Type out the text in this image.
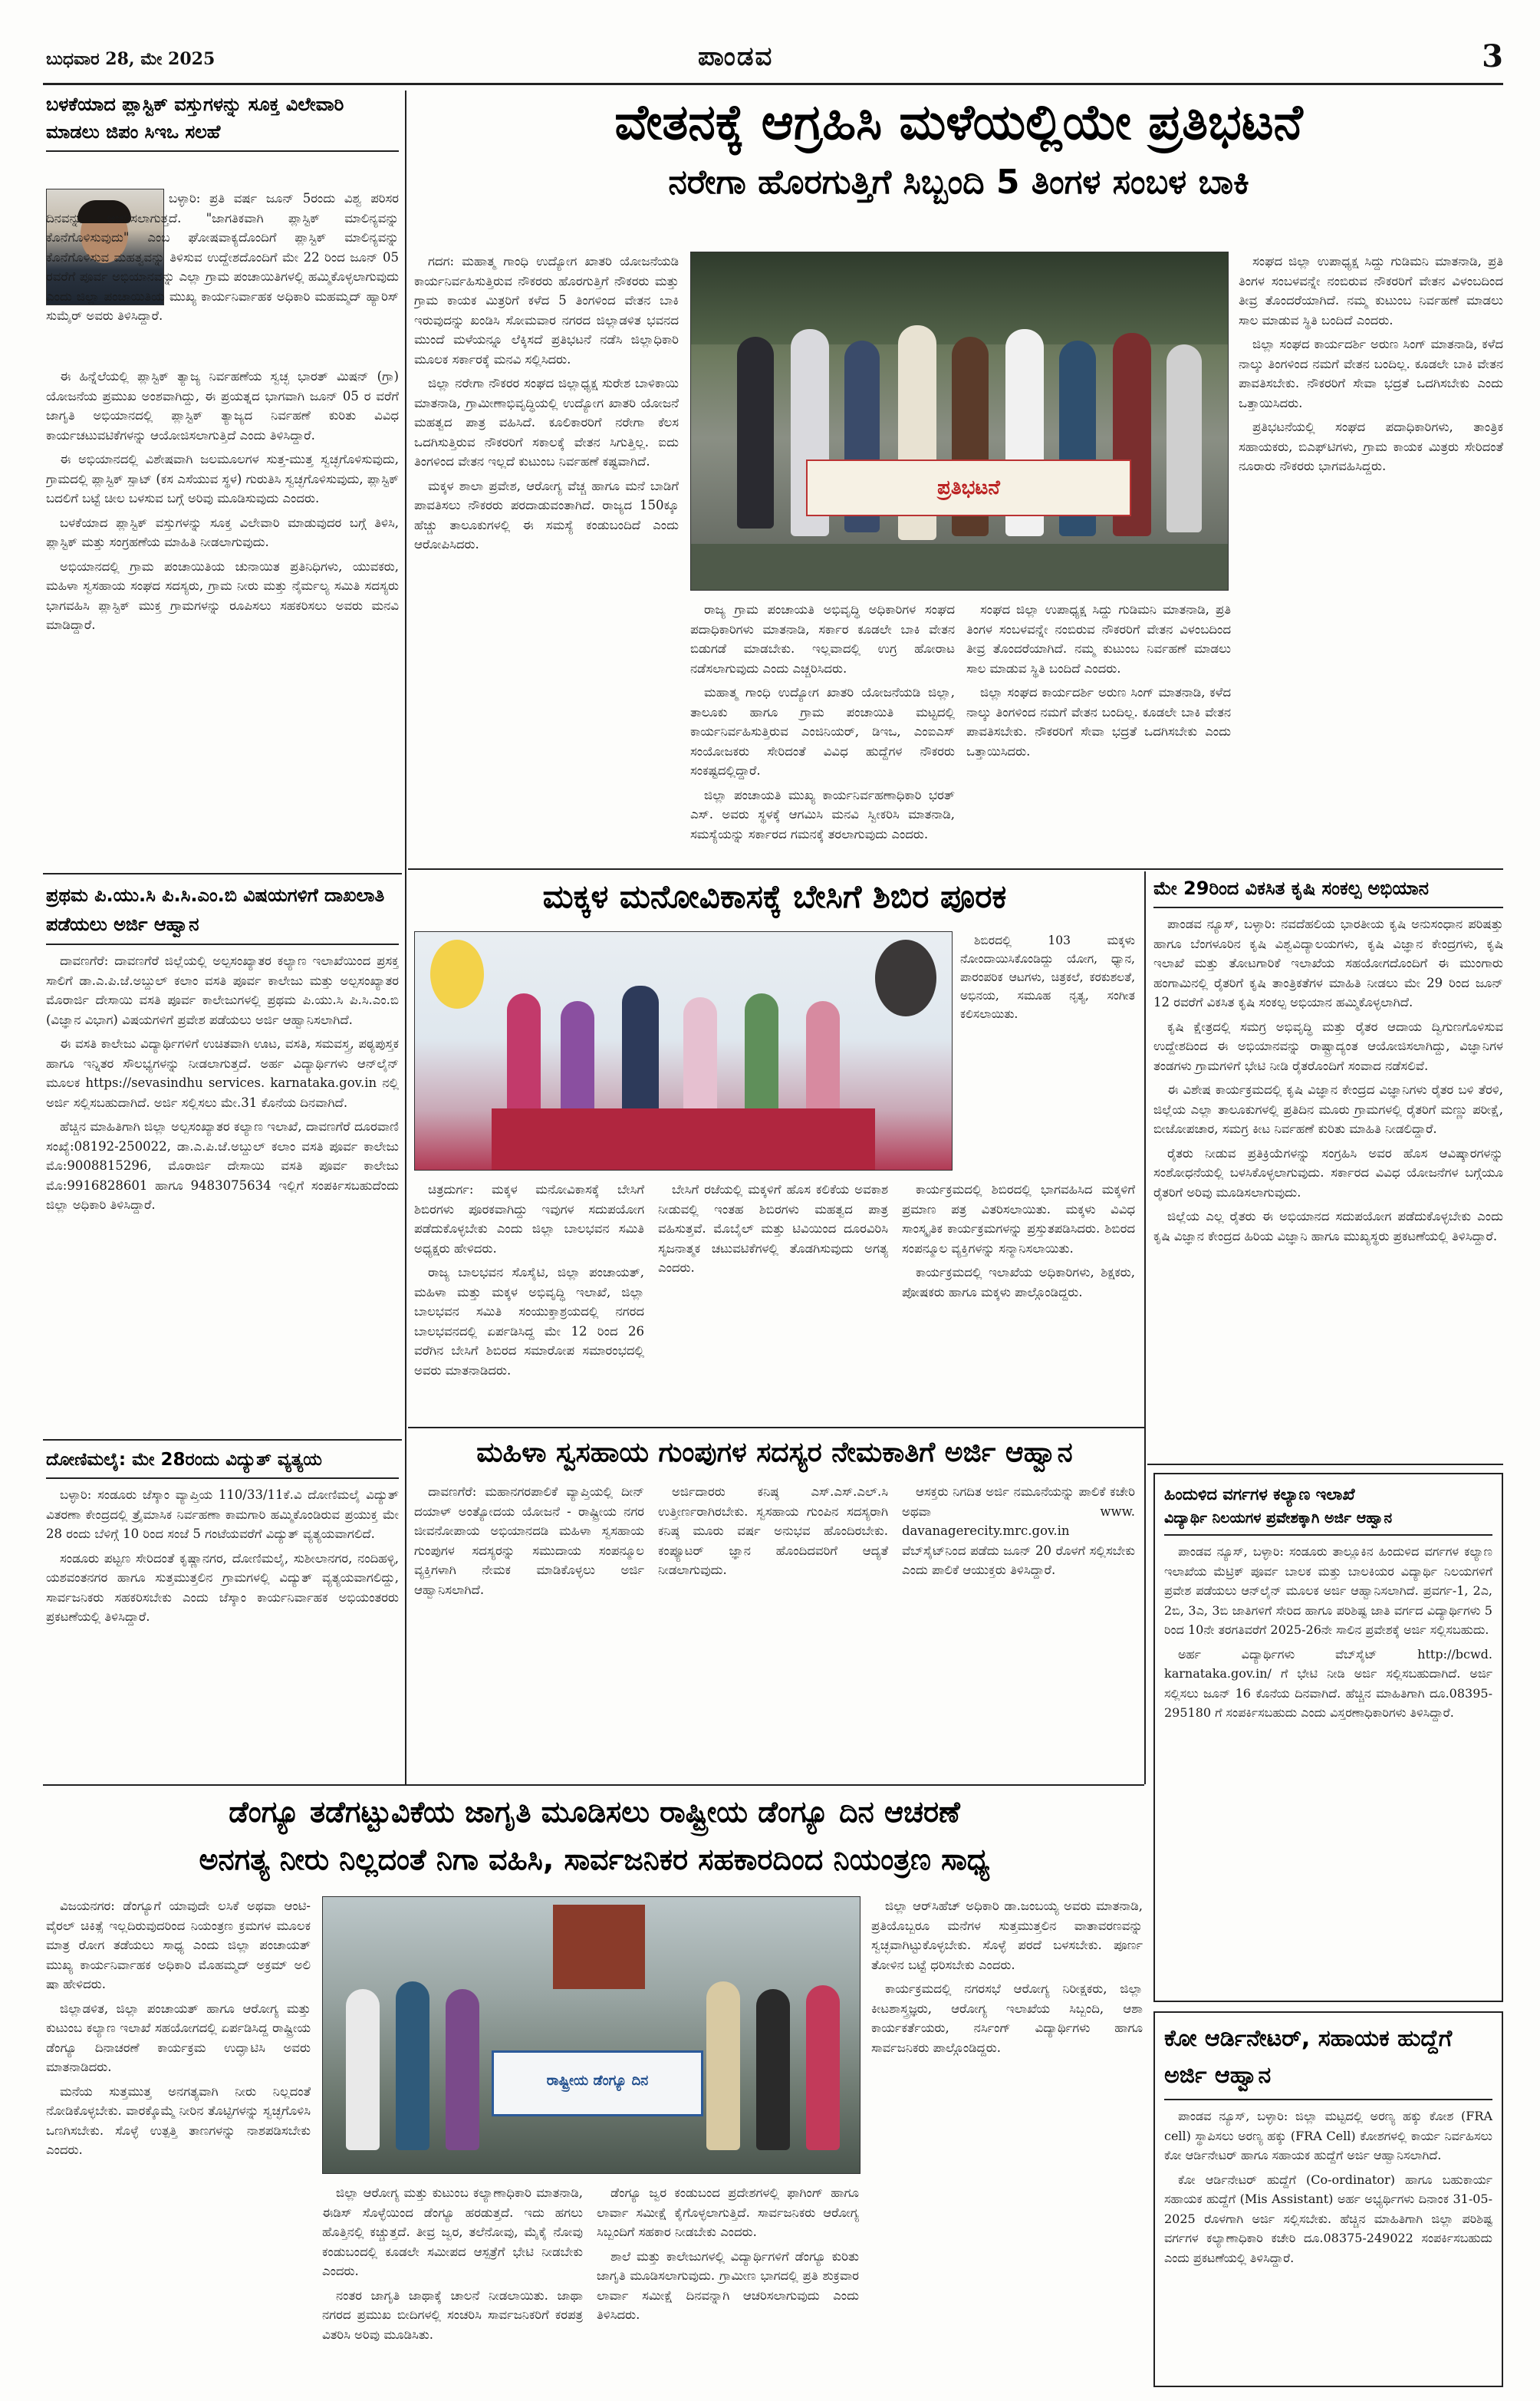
ಬುಧವಾರ 28, ಮೇ 2025	ಪಾಂಡವ	3
ಬಳಕೆಯಾದ ಪ್ಲಾಸ್ಟಿಕ್ ವಸ್ತುಗಳನ್ನು ಸೂಕ್ತ ವಿಲೇವಾರಿ ಮಾಡಲು ಜಿಪಂ ಸಿಇಒ ಸಲಹೆ
ಬಳ್ಳಾರಿ: ಪ್ರತಿ ವರ್ಷ ಜೂನ್ 5ರಂದು ವಿಶ್ವ ಪರಿಸರ ದಿನವನ್ನು ಆಚರಿಸಲಾಗುತ್ತದೆ. "ಜಾಗತಿಕವಾಗಿ ಪ್ಲಾಸ್ಟಿಕ್ ಮಾಲಿನ್ಯವನ್ನು ಕೊನೆಗೊಳಿಸುವುದು" ಎಂಬ ಘೋಷವಾಕ್ಯದೊಂದಿಗೆ ಪ್ಲಾಸ್ಟಿಕ್ ಮಾಲಿನ್ಯವನ್ನು ಕೊನೆಗೊಳಿಸುವ ಮಹತ್ವವನ್ನು ತಿಳಿಸುವ ಉದ್ದೇಶದೊಂದಿಗೆ ಮೇ 22 ರಿಂದ ಜೂನ್ 05 ರವರೆಗೆ ಪೂರ್ವ ಅಭಿಯಾನವನ್ನು ಎಲ್ಲಾ ಗ್ರಾಮ ಪಂಚಾಯಿತಿಗಳಲ್ಲಿ ಹಮ್ಮಿಕೊಳ್ಳಲಾಗುವುದು ಎಂದು ಜಿಲ್ಲಾ ಪಂಚಾಯಿತಿಯ ಮುಖ್ಯ ಕಾರ್ಯನಿರ್ವಾಹಕ ಅಧಿಕಾರಿ ಮಹಮ್ಮದ್ ಹ್ಯಾರಿಸ್ ಸುಮೈರ್ ಅವರು ತಿಳಿಸಿದ್ದಾರೆ.

ಈ ಹಿನ್ನೆಲೆಯಲ್ಲಿ ಪ್ಲಾಸ್ಟಿಕ್ ತ್ಯಾಜ್ಯ ನಿರ್ವಹಣೆಯ ಸ್ವಚ್ಛ ಭಾರತ್ ಮಿಷನ್ (ಗ್ರಾ) ಯೋಜನೆಯ ಪ್ರಮುಖ ಅಂಶವಾಗಿದ್ದು, ಈ ಪ್ರಯತ್ನದ ಭಾಗವಾಗಿ ಜೂನ್ 05 ರ ವರೆಗೆ ಜಾಗೃತಿ ಅಭಿಯಾನದಲ್ಲಿ ಪ್ಲಾಸ್ಟಿಕ್ ತ್ಯಾಜ್ಯದ ನಿರ್ವಹಣೆ ಕುರಿತು ವಿವಿಧ ಕಾರ್ಯಚಟುವಟಿಕೆಗಳನ್ನು ಆಯೋಜಿಸಲಾಗುತ್ತಿದೆ ಎಂದು ತಿಳಿಸಿದ್ದಾರೆ.

ಈ ಅಭಿಯಾನದಲ್ಲಿ ವಿಶೇಷವಾಗಿ ಜಲಮೂಲಗಳ ಸುತ್ತ-ಮುತ್ತ ಸ್ವಚ್ಛಗೊಳಿಸುವುದು, ಗ್ರಾಮದಲ್ಲಿ ಪ್ಲಾಸ್ಟಿಕ್ ಸ್ಪಾಟ್ (ಕಸ ಎಸೆಯುವ ಸ್ಥಳ) ಗುರುತಿಸಿ ಸ್ವಚ್ಛಗೊಳಿಸುವುದು, ಪ್ಲಾಸ್ಟಿಕ್ ಬದಲಿಗೆ ಬಟ್ಟೆ ಚೀಲ ಬಳಸುವ ಬಗ್ಗೆ ಅರಿವು ಮೂಡಿಸುವುದು ಎಂದರು.

ಬಳಕೆಯಾದ ಪ್ಲಾಸ್ಟಿಕ್ ವಸ್ತುಗಳನ್ನು ಸೂಕ್ತ ವಿಲೇವಾರಿ ಮಾಡುವುದರ ಬಗ್ಗೆ ತಿಳಿಸಿ, ಪ್ಲಾಸ್ಟಿಕ್ ಮತ್ತು ಸಂಗ್ರಹಣೆಯ ಮಾಹಿತಿ ನೀಡಲಾಗುವುದು.

ಅಭಿಯಾನದಲ್ಲಿ ಗ್ರಾಮ ಪಂಚಾಯಿತಿಯ ಚುನಾಯಿತ ಪ್ರತಿನಿಧಿಗಳು, ಯುವಕರು, ಮಹಿಳಾ ಸ್ವಸಹಾಯ ಸಂಘದ ಸದಸ್ಯರು, ಗ್ರಾಮ ನೀರು ಮತ್ತು ನೈರ್ಮಲ್ಯ ಸಮಿತಿ ಸದಸ್ಯರು ಭಾಗವಹಿಸಿ ಪ್ಲಾಸ್ಟಿಕ್ ಮುಕ್ತ ಗ್ರಾಮಗಳನ್ನು ರೂಪಿಸಲು ಸಹಕರಿಸಲು ಅವರು ಮನವಿ ಮಾಡಿದ್ದಾರೆ.

ಪ್ರಥಮ ಪಿ.ಯು.ಸಿ ಪಿ.ಸಿ.ಎಂ.ಬಿ ವಿಷಯಗಳಿಗೆ ದಾಖಲಾತಿ ಪಡೆಯಲು ಅರ್ಜಿ ಆಹ್ವಾನ

ದಾವಣಗೆರೆ: ದಾವಣಗೆರೆ ಜಿಲ್ಲೆಯಲ್ಲಿ ಅಲ್ಪಸಂಖ್ಯಾತರ ಕಲ್ಯಾಣ ಇಲಾಖೆಯಿಂದ ಪ್ರಸಕ್ತ ಸಾಲಿಗೆ ಡಾ.ಎ.ಪಿ.ಜೆ.ಅಬ್ದುಲ್ ಕಲಾಂ ವಸತಿ ಪೂರ್ವ ಕಾಲೇಜು ಮತ್ತು ಅಲ್ಪಸಂಖ್ಯಾತರ ಮೊರಾರ್ಜಿ ದೇಸಾಯಿ ವಸತಿ ಪೂರ್ವ ಕಾಲೇಜುಗಳಲ್ಲಿ ಪ್ರಥಮ ಪಿ.ಯು.ಸಿ ಪಿ.ಸಿ.ಎಂ.ಬಿ (ವಿಜ್ಞಾನ ವಿಭಾಗ) ವಿಷಯಗಳಿಗೆ ಪ್ರವೇಶ ಪಡೆಯಲು ಅರ್ಜಿ ಆಹ್ವಾನಿಸಲಾಗಿದೆ.

ಈ ವಸತಿ ಕಾಲೇಜು ವಿದ್ಯಾರ್ಥಿಗಳಿಗೆ ಉಚಿತವಾಗಿ ಊಟ, ವಸತಿ, ಸಮವಸ್ತ್ರ, ಪಠ್ಯಪುಸ್ತಕ ಹಾಗೂ ಇನ್ನಿತರ ಸೌಲಭ್ಯಗಳನ್ನು ನೀಡಲಾಗುತ್ತದೆ. ಅರ್ಹ ವಿದ್ಯಾರ್ಥಿಗಳು ಆನ್‌ಲೈನ್ ಮೂಲಕ https://sevasindhu services. karnataka.gov.in ನಲ್ಲಿ ಅರ್ಜಿ ಸಲ್ಲಿಸಬಹುದಾಗಿದೆ. ಅರ್ಜಿ ಸಲ್ಲಿಸಲು ಮೇ.31 ಕೊನೆಯ ದಿನವಾಗಿದೆ.

ಹೆಚ್ಚಿನ ಮಾಹಿತಿಗಾಗಿ ಜಿಲ್ಲಾ ಅಲ್ಪಸಂಖ್ಯಾತರ ಕಲ್ಯಾಣ ಇಲಾಖೆ, ದಾವಣಗೆರೆ ದೂರವಾಣಿ ಸಂಖ್ಯೆ:08192-250022, ಡಾ.ಎ.ಪಿ.ಜೆ.ಅಬ್ದುಲ್ ಕಲಾಂ ವಸತಿ ಪೂರ್ವ ಕಾಲೇಜು ಮೊ:9008815296, ಮೊರಾರ್ಜಿ ದೇಸಾಯಿ ವಸತಿ ಪೂರ್ವ ಕಾಲೇಜು ಮೊ:9916828601 ಹಾಗೂ 9483075634 ಇಲ್ಲಿಗೆ ಸಂಪರ್ಕಿಸಬಹುದೆಂದು ಜಿಲ್ಲಾ ಅಧಿಕಾರಿ ತಿಳಿಸಿದ್ದಾರೆ.

ದೋಣಿಮಲೈ: ಮೇ 28ರಂದು ವಿದ್ಯುತ್ ವ್ಯತ್ಯಯ

ಬಳ್ಳಾರಿ: ಸಂಡೂರು ಜೆಸ್ಕಾಂ ವ್ಯಾಪ್ತಿಯ 110/33/11ಕೆ.ವಿ ದೋಣಿಮಲೈ ವಿದ್ಯುತ್ ವಿತರಣಾ ಕೇಂದ್ರದಲ್ಲಿ ತ್ರೈಮಾಸಿಕ ನಿರ್ವಹಣಾ ಕಾಮಗಾರಿ ಹಮ್ಮಿಕೊಂಡಿರುವ ಪ್ರಯುಕ್ತ ಮೇ 28 ರಂದು ಬೆಳಿಗ್ಗೆ 10 ರಿಂದ ಸಂಜೆ 5 ಗಂಟೆಯವರೆಗೆ ವಿದ್ಯುತ್ ವ್ಯತ್ಯಯವಾಗಲಿದೆ.

ಸಂಡೂರು ಪಟ್ಟಣ ಸೇರಿದಂತೆ ಕೃಷ್ಣಾನಗರ, ದೋಣಿಮಲೈ, ಸುಶೀಲಾನಗರ, ನಂದಿಹಳ್ಳಿ, ಯಶವಂತನಗರ ಹಾಗೂ ಸುತ್ತಮುತ್ತಲಿನ ಗ್ರಾಮಗಳಲ್ಲಿ ವಿದ್ಯುತ್ ವ್ಯತ್ಯಯವಾಗಲಿದ್ದು, ಸಾರ್ವಜನಿಕರು ಸಹಕರಿಸಬೇಕು ಎಂದು ಜೆಸ್ಕಾಂ ಕಾರ್ಯನಿರ್ವಾಹಕ ಅಭಿಯಂತರರು ಪ್ರಕಟಣೆಯಲ್ಲಿ ತಿಳಿಸಿದ್ದಾರೆ.

ವೇತನಕ್ಕೆ ಆಗ್ರಹಿಸಿ ಮಳೆಯಲ್ಲಿಯೇ ಪ್ರತಿಭಟನೆ
ನರೇಗಾ ಹೊರಗುತ್ತಿಗೆ ಸಿಬ್ಬಂದಿ 5 ತಿಂಗಳ ಸಂಬಳ ಬಾಕಿ
ಪ್ರತಿಭಟನೆ

ಗದಗ: ಮಹಾತ್ಮ ಗಾಂಧಿ ಉದ್ಯೋಗ ಖಾತರಿ ಯೋಜನೆಯಡಿ ಕಾರ್ಯನಿರ್ವಹಿಸುತ್ತಿರುವ ನೌಕರರು ಹೊರಗುತ್ತಿಗೆ ನೌಕರರು ಮತ್ತು ಗ್ರಾಮ ಕಾಯಕ ಮಿತ್ರರಿಗೆ ಕಳೆದ 5 ತಿಂಗಳಿಂದ ವೇತನ ಬಾಕಿ ಇರುವುದನ್ನು ಖಂಡಿಸಿ ಸೋಮವಾರ ನಗರದ ಜಿಲ್ಲಾಡಳಿತ ಭವನದ ಮುಂದೆ ಮಳೆಯನ್ನೂ ಲೆಕ್ಕಿಸದೆ ಪ್ರತಿಭಟನೆ ನಡೆಸಿ ಜಿಲ್ಲಾಧಿಕಾರಿ ಮೂಲಕ ಸರ್ಕಾರಕ್ಕೆ ಮನವಿ ಸಲ್ಲಿಸಿದರು.

ಜಿಲ್ಲಾ ನರೇಗಾ ನೌಕರರ ಸಂಘದ ಜಿಲ್ಲಾಧ್ಯಕ್ಷ ಸುರೇಶ ಬಾಳಿಕಾಯಿ ಮಾತನಾಡಿ, ಗ್ರಾಮೀಣಾಭಿವೃದ್ಧಿಯಲ್ಲಿ ಉದ್ಯೋಗ ಖಾತರಿ ಯೋಜನೆ ಮಹತ್ವದ ಪಾತ್ರ ವಹಿಸಿದೆ. ಕೂಲಿಕಾರರಿಗೆ ನರೇಗಾ ಕೆಲಸ ಒದಗಿಸುತ್ತಿರುವ ನೌಕರರಿಗೆ ಸಕಾಲಕ್ಕೆ ವೇತನ ಸಿಗುತ್ತಿಲ್ಲ. ಐದು ತಿಂಗಳಿಂದ ವೇತನ ಇಲ್ಲದೆ ಕುಟುಂಬ ನಿರ್ವಹಣೆ ಕಷ್ಟವಾಗಿದೆ.

ಮಕ್ಕಳ ಶಾಲಾ ಪ್ರವೇಶ, ಆರೋಗ್ಯ ವೆಚ್ಚ ಹಾಗೂ ಮನೆ ಬಾಡಿಗೆ ಪಾವತಿಸಲು ನೌಕರರು ಪರದಾಡುವಂತಾಗಿದೆ. ರಾಜ್ಯದ 150ಕ್ಕೂ ಹೆಚ್ಚು ತಾಲೂಕುಗಳಲ್ಲಿ ಈ ಸಮಸ್ಯೆ ಕಂಡುಬಂದಿದೆ ಎಂದು ಆರೋಪಿಸಿದರು.

ರಾಜ್ಯ ಗ್ರಾಮ ಪಂಚಾಯತಿ ಅಭಿವೃದ್ಧಿ ಅಧಿಕಾರಿಗಳ ಸಂಘದ ಪದಾಧಿಕಾರಿಗಳು ಮಾತನಾಡಿ, ಸರ್ಕಾರ ಕೂಡಲೇ ಬಾಕಿ ವೇತನ ಬಿಡುಗಡೆ ಮಾಡಬೇಕು. ಇಲ್ಲವಾದಲ್ಲಿ ಉಗ್ರ ಹೋರಾಟ ನಡೆಸಲಾಗುವುದು ಎಂದು ಎಚ್ಚರಿಸಿದರು.

ಮಹಾತ್ಮ ಗಾಂಧಿ ಉದ್ಯೋಗ ಖಾತರಿ ಯೋಜನೆಯಡಿ ಜಿಲ್ಲಾ, ತಾಲೂಕು ಹಾಗೂ ಗ್ರಾಮ ಪಂಚಾಯಿತಿ ಮಟ್ಟದಲ್ಲಿ ಕಾರ್ಯನಿರ್ವಹಿಸುತ್ತಿರುವ ಎಂಜಿನಿಯರ್, ಡಿಇಒ, ಎಂಐಎಸ್ ಸಂಯೋಜಕರು ಸೇರಿದಂತೆ ವಿವಿಧ ಹುದ್ದೆಗಳ ನೌಕರರು ಸಂಕಷ್ಟದಲ್ಲಿದ್ದಾರೆ.

ಜಿಲ್ಲಾ ಪಂಚಾಯತಿ ಮುಖ್ಯ ಕಾರ್ಯನಿರ್ವಹಣಾಧಿಕಾರಿ ಭರತ್ ಎಸ್. ಅವರು ಸ್ಥಳಕ್ಕೆ ಆಗಮಿಸಿ ಮನವಿ ಸ್ವೀಕರಿಸಿ ಮಾತನಾಡಿ, ಸಮಸ್ಯೆಯನ್ನು ಸರ್ಕಾರದ ಗಮನಕ್ಕೆ ತರಲಾಗುವುದು ಎಂದರು.

ಸಂಘದ ಜಿಲ್ಲಾ ಉಪಾಧ್ಯಕ್ಷ ಸಿದ್ದು ಗುಡಿಮನಿ ಮಾತನಾಡಿ, ಪ್ರತಿ ತಿಂಗಳ ಸಂಬಳವನ್ನೇ ನಂಬಿರುವ ನೌಕರರಿಗೆ ವೇತನ ವಿಳಂಬದಿಂದ ತೀವ್ರ ತೊಂದರೆಯಾಗಿದೆ. ನಮ್ಮ ಕುಟುಂಬ ನಿರ್ವಹಣೆ ಮಾಡಲು ಸಾಲ ಮಾಡುವ ಸ್ಥಿತಿ ಬಂದಿದೆ ಎಂದರು.

ಜಿಲ್ಲಾ ಸಂಘದ ಕಾರ್ಯದರ್ಶಿ ಅರುಣ ಸಿಂಗ್ ಮಾತನಾಡಿ, ಕಳೆದ ನಾಲ್ಕು ತಿಂಗಳಿಂದ ನಮಗೆ ವೇತನ ಬಂದಿಲ್ಲ. ಕೂಡಲೇ ಬಾಕಿ ವೇತನ ಪಾವತಿಸಬೇಕು. ನೌಕರರಿಗೆ ಸೇವಾ ಭದ್ರತೆ ಒದಗಿಸಬೇಕು ಎಂದು ಒತ್ತಾಯಿಸಿದರು.

ಸಂಘದ ಜಿಲ್ಲಾ ಉಪಾಧ್ಯಕ್ಷ ಸಿದ್ದು ಗುಡಿಮನಿ ಮಾತನಾಡಿ, ಪ್ರತಿ ತಿಂಗಳ ಸಂಬಳವನ್ನೇ ನಂಬಿರುವ ನೌಕರರಿಗೆ ವೇತನ ವಿಳಂಬದಿಂದ ತೀವ್ರ ತೊಂದರೆಯಾಗಿದೆ. ನಮ್ಮ ಕುಟುಂಬ ನಿರ್ವಹಣೆ ಮಾಡಲು ಸಾಲ ಮಾಡುವ ಸ್ಥಿತಿ ಬಂದಿದೆ ಎಂದರು.

ಜಿಲ್ಲಾ ಸಂಘದ ಕಾರ್ಯದರ್ಶಿ ಅರುಣ ಸಿಂಗ್ ಮಾತನಾಡಿ, ಕಳೆದ ನಾಲ್ಕು ತಿಂಗಳಿಂದ ನಮಗೆ ವೇತನ ಬಂದಿಲ್ಲ. ಕೂಡಲೇ ಬಾಕಿ ವೇತನ ಪಾವತಿಸಬೇಕು. ನೌಕರರಿಗೆ ಸೇವಾ ಭದ್ರತೆ ಒದಗಿಸಬೇಕು ಎಂದು ಒತ್ತಾಯಿಸಿದರು.

ಪ್ರತಿಭಟನೆಯಲ್ಲಿ ಸಂಘದ ಪದಾಧಿಕಾರಿಗಳು, ತಾಂತ್ರಿಕ ಸಹಾಯಕರು, ಬಿಎಫ್‌ಟಿಗಳು, ಗ್ರಾಮ ಕಾಯಕ ಮಿತ್ರರು ಸೇರಿದಂತೆ ನೂರಾರು ನೌಕರರು ಭಾಗವಹಿಸಿದ್ದರು.

ಮಕ್ಕಳ ಮನೋವಿಕಾಸಕ್ಕೆ ಬೇಸಿಗೆ ಶಿಬಿರ ಪೂರಕ

ಶಿಬಿರದಲ್ಲಿ 103 ಮಕ್ಕಳು ನೋಂದಾಯಿಸಿಕೊಂಡಿದ್ದು ಯೋಗ, ಧ್ಯಾನ, ಪಾರಂಪರಿಕ ಆಟಗಳು, ಚಿತ್ರಕಲೆ, ಕರಕುಶಲತೆ, ಅಭಿನಯ, ಸಮೂಹ ನೃತ್ಯ, ಸಂಗೀತ ಕಲಿಸಲಾಯಿತು.

ಚಿತ್ರದುರ್ಗ: ಮಕ್ಕಳ ಮನೋವಿಕಾಸಕ್ಕೆ ಬೇಸಿಗೆ ಶಿಬಿರಗಳು ಪೂರಕವಾಗಿದ್ದು ಇವುಗಳ ಸದುಪಯೋಗ ಪಡೆದುಕೊಳ್ಳಬೇಕು ಎಂದು ಜಿಲ್ಲಾ ಬಾಲಭವನ ಸಮಿತಿ ಅಧ್ಯಕ್ಷರು ಹೇಳಿದರು.

ರಾಜ್ಯ ಬಾಲಭವನ ಸೊಸೈಟಿ, ಜಿಲ್ಲಾ ಪಂಚಾಯತ್, ಮಹಿಳಾ ಮತ್ತು ಮಕ್ಕಳ ಅಭಿವೃದ್ಧಿ ಇಲಾಖೆ, ಜಿಲ್ಲಾ ಬಾಲಭವನ ಸಮಿತಿ ಸಂಯುಕ್ತಾಶ್ರಯದಲ್ಲಿ ನಗರದ ಬಾಲಭವನದಲ್ಲಿ ಏರ್ಪಡಿಸಿದ್ದ ಮೇ 12 ರಿಂದ 26 ವರೆಗಿನ ಬೇಸಿಗೆ ಶಿಬಿರದ ಸಮಾರೋಪ ಸಮಾರಂಭದಲ್ಲಿ ಅವರು ಮಾತನಾಡಿದರು.

ಬೇಸಿಗೆ ರಜೆಯಲ್ಲಿ ಮಕ್ಕಳಿಗೆ ಹೊಸ ಕಲಿಕೆಯ ಅವಕಾಶ ನೀಡುವಲ್ಲಿ ಇಂತಹ ಶಿಬಿರಗಳು ಮಹತ್ವದ ಪಾತ್ರ ವಹಿಸುತ್ತವೆ. ಮೊಬೈಲ್ ಮತ್ತು ಟಿವಿಯಿಂದ ದೂರವಿರಿಸಿ ಸೃಜನಾತ್ಮಕ ಚಟುವಟಿಕೆಗಳಲ್ಲಿ ತೊಡಗಿಸುವುದು ಅಗತ್ಯ ಎಂದರು.

ಕಾರ್ಯಕ್ರಮದಲ್ಲಿ ಶಿಬಿರದಲ್ಲಿ ಭಾಗವಹಿಸಿದ ಮಕ್ಕಳಿಗೆ ಪ್ರಮಾಣ ಪತ್ರ ವಿತರಿಸಲಾಯಿತು. ಮಕ್ಕಳು ವಿವಿಧ ಸಾಂಸ್ಕೃತಿಕ ಕಾರ್ಯಕ್ರಮಗಳನ್ನು ಪ್ರಸ್ತುತಪಡಿಸಿದರು. ಶಿಬಿರದ ಸಂಪನ್ಮೂಲ ವ್ಯಕ್ತಿಗಳನ್ನು ಸನ್ಮಾನಿಸಲಾಯಿತು.

ಕಾರ್ಯಕ್ರಮದಲ್ಲಿ ಇಲಾಖೆಯ ಅಧಿಕಾರಿಗಳು, ಶಿಕ್ಷಕರು, ಪೋಷಕರು ಹಾಗೂ ಮಕ್ಕಳು ಪಾಲ್ಗೊಂಡಿದ್ದರು.

ಮೇ 29ರಿಂದ ವಿಕಸಿತ ಕೃಷಿ ಸಂಕಲ್ಪ ಅಭಿಯಾನ

ಪಾಂಡವ ನ್ಯೂಸ್, ಬಳ್ಳಾರಿ: ನವದೆಹಲಿಯ ಭಾರತೀಯ ಕೃಷಿ ಅನುಸಂಧಾನ ಪರಿಷತ್ತು ಹಾಗೂ ಬೆಂಗಳೂರಿನ ಕೃಷಿ ವಿಶ್ವವಿದ್ಯಾಲಯಗಳು, ಕೃಷಿ ವಿಜ್ಞಾನ ಕೇಂದ್ರಗಳು, ಕೃಷಿ ಇಲಾಖೆ ಮತ್ತು ತೋಟಗಾರಿಕೆ ಇಲಾಖೆಯ ಸಹಯೋಗದೊಂದಿಗೆ ಈ ಮುಂಗಾರು ಹಂಗಾಮಿನಲ್ಲಿ ರೈತರಿಗೆ ಕೃಷಿ ತಾಂತ್ರಿಕತೆಗಳ ಮಾಹಿತಿ ನೀಡಲು ಮೇ 29 ರಿಂದ ಜೂನ್ 12 ರವರೆಗೆ ವಿಕಸಿತ ಕೃಷಿ ಸಂಕಲ್ಪ ಅಭಿಯಾನ ಹಮ್ಮಿಕೊಳ್ಳಲಾಗಿದೆ.

ಕೃಷಿ ಕ್ಷೇತ್ರದಲ್ಲಿ ಸಮಗ್ರ ಅಭಿವೃದ್ಧಿ ಮತ್ತು ರೈತರ ಆದಾಯ ದ್ವಿಗುಣಗೊಳಿಸುವ ಉದ್ದೇಶದಿಂದ ಈ ಅಭಿಯಾನವನ್ನು ರಾಷ್ಟ್ರಾದ್ಯಂತ ಆಯೋಜಿಸಲಾಗಿದ್ದು, ವಿಜ್ಞಾನಿಗಳ ತಂಡಗಳು ಗ್ರಾಮಗಳಿಗೆ ಭೇಟಿ ನೀಡಿ ರೈತರೊಂದಿಗೆ ಸಂವಾದ ನಡೆಸಲಿವೆ.

ಈ ವಿಶೇಷ ಕಾರ್ಯಕ್ರಮದಲ್ಲಿ ಕೃಷಿ ವಿಜ್ಞಾನ ಕೇಂದ್ರದ ವಿಜ್ಞಾನಿಗಳು ರೈತರ ಬಳಿ ತೆರಳಿ, ಜಿಲ್ಲೆಯ ಎಲ್ಲಾ ತಾಲೂಕುಗಳಲ್ಲಿ ಪ್ರತಿದಿನ ಮೂರು ಗ್ರಾಮಗಳಲ್ಲಿ ರೈತರಿಗೆ ಮಣ್ಣು ಪರೀಕ್ಷೆ, ಬೀಜೋಪಚಾರ, ಸಮಗ್ರ ಕೀಟ ನಿರ್ವಹಣೆ ಕುರಿತು ಮಾಹಿತಿ ನೀಡಲಿದ್ದಾರೆ.

ರೈತರು ನೀಡುವ ಪ್ರತಿಕ್ರಿಯೆಗಳನ್ನು ಸಂಗ್ರಹಿಸಿ ಅವರ ಹೊಸ ಆವಿಷ್ಕಾರಗಳನ್ನು ಸಂಶೋಧನೆಯಲ್ಲಿ ಬಳಸಿಕೊಳ್ಳಲಾಗುವುದು. ಸರ್ಕಾರದ ವಿವಿಧ ಯೋಜನೆಗಳ ಬಗ್ಗೆಯೂ ರೈತರಿಗೆ ಅರಿವು ಮೂಡಿಸಲಾಗುವುದು.

ಜಿಲ್ಲೆಯ ಎಲ್ಲ ರೈತರು ಈ ಅಭಿಯಾನದ ಸದುಪಯೋಗ ಪಡೆದುಕೊಳ್ಳಬೇಕು ಎಂದು ಕೃಷಿ ವಿಜ್ಞಾನ ಕೇಂದ್ರದ ಹಿರಿಯ ವಿಜ್ಞಾನಿ ಹಾಗೂ ಮುಖ್ಯಸ್ಥರು ಪ್ರಕಟಣೆಯಲ್ಲಿ ತಿಳಿಸಿದ್ದಾರೆ.

ಮಹಿಳಾ ಸ್ವಸಹಾಯ ಗುಂಪುಗಳ ಸದಸ್ಯರ ನೇಮಕಾತಿಗೆ ಅರ್ಜಿ ಆಹ್ವಾನ

ದಾವಣಗೆರೆ: ಮಹಾನಗರಪಾಲಿಕೆ ವ್ಯಾಪ್ತಿಯಲ್ಲಿ ದೀನ್ ದಯಾಳ್ ಅಂತ್ಯೋದಯ ಯೋಜನೆ - ರಾಷ್ಟ್ರೀಯ ನಗರ ಜೀವನೋಪಾಯ ಅಭಿಯಾನದಡಿ ಮಹಿಳಾ ಸ್ವಸಹಾಯ ಗುಂಪುಗಳ ಸದಸ್ಯರನ್ನು ಸಮುದಾಯ ಸಂಪನ್ಮೂಲ ವ್ಯಕ್ತಿಗಳಾಗಿ ನೇಮಕ ಮಾಡಿಕೊಳ್ಳಲು ಅರ್ಜಿ ಆಹ್ವಾನಿಸಲಾಗಿದೆ.

ಅರ್ಜಿದಾರರು ಕನಿಷ್ಠ ಎಸ್.ಎಸ್.ಎಲ್.ಸಿ ಉತ್ತೀರ್ಣರಾಗಿರಬೇಕು. ಸ್ವಸಹಾಯ ಗುಂಪಿನ ಸದಸ್ಯರಾಗಿ ಕನಿಷ್ಠ ಮೂರು ವರ್ಷ ಅನುಭವ ಹೊಂದಿರಬೇಕು. ಕಂಪ್ಯೂಟರ್ ಜ್ಞಾನ ಹೊಂದಿದವರಿಗೆ ಆದ್ಯತೆ ನೀಡಲಾಗುವುದು.

ಆಸಕ್ತರು ನಿಗದಿತ ಅರ್ಜಿ ನಮೂನೆಯನ್ನು ಪಾಲಿಕೆ ಕಚೇರಿ ಅಥವಾ www. davanagerecity.mrc.gov.in ವೆಬ್‌ಸೈಟ್‌ನಿಂದ ಪಡೆದು ಜೂನ್ 20 ರೊಳಗೆ ಸಲ್ಲಿಸಬೇಕು ಎಂದು ಪಾಲಿಕೆ ಆಯುಕ್ತರು ತಿಳಿಸಿದ್ದಾರೆ.

ಹಿಂದುಳಿದ ವರ್ಗಗಳ ಕಲ್ಯಾಣ ಇಲಾಖೆ
ವಿದ್ಯಾರ್ಥಿ ನಿಲಯಗಳ ಪ್ರವೇಶಕ್ಕಾಗಿ ಅರ್ಜಿ ಆಹ್ವಾನ

ಪಾಂಡವ ನ್ಯೂಸ್, ಬಳ್ಳಾರಿ: ಸಂಡೂರು ತಾಲ್ಲೂಕಿನ ಹಿಂದುಳಿದ ವರ್ಗಗಳ ಕಲ್ಯಾಣ ಇಲಾಖೆಯ ಮೆಟ್ರಿಕ್ ಪೂರ್ವ ಬಾಲಕ ಮತ್ತು ಬಾಲಕಿಯರ ವಿದ್ಯಾರ್ಥಿ ನಿಲಯಗಳಿಗೆ ಪ್ರವೇಶ ಪಡೆಯಲು ಆನ್‌ಲೈನ್ ಮೂಲಕ ಅರ್ಜಿ ಆಹ್ವಾನಿಸಲಾಗಿದೆ. ಪ್ರವರ್ಗ-1, 2ಎ, 2ಬಿ, 3ಎ, 3ಬಿ ಜಾತಿಗಳಿಗೆ ಸೇರಿದ ಹಾಗೂ ಪರಿಶಿಷ್ಟ ಜಾತಿ ವರ್ಗದ ವಿದ್ಯಾರ್ಥಿಗಳು 5 ರಿಂದ 10ನೇ ತರಗತಿವರೆಗೆ 2025-26ನೇ ಸಾಲಿನ ಪ್ರವೇಶಕ್ಕೆ ಅರ್ಜಿ ಸಲ್ಲಿಸಬಹುದು.

ಅರ್ಹ ವಿದ್ಯಾರ್ಥಿಗಳು ವೆಬ್‌ಸೈಟ್ http://bcwd. karnataka.gov.in/ ಗೆ ಭೇಟಿ ನೀಡಿ ಅರ್ಜಿ ಸಲ್ಲಿಸಬಹುದಾಗಿದೆ. ಅರ್ಜಿ ಸಲ್ಲಿಸಲು ಜೂನ್ 16 ಕೊನೆಯ ದಿನವಾಗಿದೆ. ಹೆಚ್ಚಿನ ಮಾಹಿತಿಗಾಗಿ ದೂ.08395-295180 ಗೆ ಸಂಪರ್ಕಿಸಬಹುದು ಎಂದು ವಿಸ್ತರಣಾಧಿಕಾರಿಗಳು ತಿಳಿಸಿದ್ದಾರೆ.

ಕೋ ಆರ್ಡಿನೇಟರ್, ಸಹಾಯಕ ಹುದ್ದೆಗೆ ಅರ್ಜಿ ಆಹ್ವಾನ

ಪಾಂಡವ ನ್ಯೂಸ್, ಬಳ್ಳಾರಿ: ಜಿಲ್ಲಾ ಮಟ್ಟದಲ್ಲಿ ಅರಣ್ಯ ಹಕ್ಕು ಕೋಶ (FRA cell) ಸ್ಥಾಪಿಸಲು ಅರಣ್ಯ ಹಕ್ಕು (FRA Cell) ಕೋಶಗಳಲ್ಲಿ ಕಾರ್ಯ ನಿರ್ವಹಿಸಲು ಕೋ ಆರ್ಡಿನೇಟರ್ ಹಾಗೂ ಸಹಾಯಕ ಹುದ್ದೆಗೆ ಅರ್ಜಿ ಆಹ್ವಾನಿಸಲಾಗಿದೆ.

ಕೋ ಆರ್ಡಿನೇಟರ್ ಹುದ್ದೆಗೆ (Co-ordinator) ಹಾಗೂ ಬಹುಕಾರ್ಯ ಸಹಾಯಕ ಹುದ್ದೆಗೆ (Mis Assistant) ಅರ್ಹ ಅಭ್ಯರ್ಥಿಗಳು ದಿನಾಂಕ 31-05-2025 ರೊಳಗಾಗಿ ಅರ್ಜಿ ಸಲ್ಲಿಸಬೇಕು. ಹೆಚ್ಚಿನ ಮಾಹಿತಿಗಾಗಿ ಜಿಲ್ಲಾ ಪರಿಶಿಷ್ಟ ವರ್ಗಗಳ ಕಲ್ಯಾಣಾಧಿಕಾರಿ ಕಚೇರಿ ದೂ.08375-249022 ಸಂಪರ್ಕಿಸಬಹುದು ಎಂದು ಪ್ರಕಟಣೆಯಲ್ಲಿ ತಿಳಿಸಿದ್ದಾರೆ.

ಡೆಂಗ್ಯೂ ತಡೆಗಟ್ಟುವಿಕೆಯ ಜಾಗೃತಿ ಮೂಡಿಸಲು ರಾಷ್ಟ್ರೀಯ ಡೆಂಗ್ಯೂ ದಿನ ಆಚರಣೆ
ಅನಗತ್ಯ ನೀರು ನಿಲ್ಲದಂತೆ ನಿಗಾ ವಹಿಸಿ, ಸಾರ್ವಜನಿಕರ ಸಹಕಾರದಿಂದ ನಿಯಂತ್ರಣ ಸಾಧ್ಯ
ರಾಷ್ಟ್ರೀಯ ಡೆಂಗ್ಯೂ ದಿನ

ವಿಜಯನಗರ: ಡೆಂಗ್ಯೂಗೆ ಯಾವುದೇ ಲಸಿಕೆ ಅಥವಾ ಆಂಟಿ-ವೈರಲ್ ಚಿಕಿತ್ಸೆ ಇಲ್ಲದಿರುವುದರಿಂದ ನಿಯಂತ್ರಣ ಕ್ರಮಗಳ ಮೂಲಕ ಮಾತ್ರ ರೋಗ ತಡೆಯಲು ಸಾಧ್ಯ ಎಂದು ಜಿಲ್ಲಾ ಪಂಚಾಯತ್ ಮುಖ್ಯ ಕಾರ್ಯನಿರ್ವಾಹಕ ಅಧಿಕಾರಿ ಮೊಹಮ್ಮದ್ ಅಕ್ರಮ್ ಅಲಿ ಷಾ ಹೇಳಿದರು.

ಜಿಲ್ಲಾಡಳಿತ, ಜಿಲ್ಲಾ ಪಂಚಾಯತ್ ಹಾಗೂ ಆರೋಗ್ಯ ಮತ್ತು ಕುಟುಂಬ ಕಲ್ಯಾಣ ಇಲಾಖೆ ಸಹಯೋಗದಲ್ಲಿ ಏರ್ಪಡಿಸಿದ್ದ ರಾಷ್ಟ್ರೀಯ ಡೆಂಗ್ಯೂ ದಿನಾಚರಣೆ ಕಾರ್ಯಕ್ರಮ ಉದ್ಘಾಟಿಸಿ ಅವರು ಮಾತನಾಡಿದರು.

ಮನೆಯ ಸುತ್ತಮುತ್ತ ಅನಗತ್ಯವಾಗಿ ನೀರು ನಿಲ್ಲದಂತೆ ನೋಡಿಕೊಳ್ಳಬೇಕು. ವಾರಕ್ಕೊಮ್ಮೆ ನೀರಿನ ತೊಟ್ಟಿಗಳನ್ನು ಸ್ವಚ್ಛಗೊಳಿಸಿ ಒಣಗಿಸಬೇಕು. ಸೊಳ್ಳೆ ಉತ್ಪತ್ತಿ ತಾಣಗಳನ್ನು ನಾಶಪಡಿಸಬೇಕು ಎಂದರು.

ಜಿಲ್ಲಾ ಆರೋಗ್ಯ ಮತ್ತು ಕುಟುಂಬ ಕಲ್ಯಾಣಾಧಿಕಾರಿ ಮಾತನಾಡಿ, ಈಡಿಸ್ ಸೊಳ್ಳೆಯಿಂದ ಡೆಂಗ್ಯೂ ಹರಡುತ್ತದೆ. ಇದು ಹಗಲು ಹೊತ್ತಿನಲ್ಲಿ ಕಚ್ಚುತ್ತದೆ. ತೀವ್ರ ಜ್ವರ, ತಲೆನೋವು, ಮೈಕೈ ನೋವು ಕಂಡುಬಂದಲ್ಲಿ ಕೂಡಲೇ ಸಮೀಪದ ಆಸ್ಪತ್ರೆಗೆ ಭೇಟಿ ನೀಡಬೇಕು ಎಂದರು.

ನಂತರ ಜಾಗೃತಿ ಜಾಥಾಕ್ಕೆ ಚಾಲನೆ ನೀಡಲಾಯಿತು. ಜಾಥಾ ನಗರದ ಪ್ರಮುಖ ಬೀದಿಗಳಲ್ಲಿ ಸಂಚರಿಸಿ ಸಾರ್ವಜನಿಕರಿಗೆ ಕರಪತ್ರ ವಿತರಿಸಿ ಅರಿವು ಮೂಡಿಸಿತು.

ಡೆಂಗ್ಯೂ ಜ್ವರ ಕಂಡುಬಂದ ಪ್ರದೇಶಗಳಲ್ಲಿ ಫಾಗಿಂಗ್ ಹಾಗೂ ಲಾರ್ವಾ ಸಮೀಕ್ಷೆ ಕೈಗೊಳ್ಳಲಾಗುತ್ತಿದೆ. ಸಾರ್ವಜನಿಕರು ಆರೋಗ್ಯ ಸಿಬ್ಬಂದಿಗೆ ಸಹಕಾರ ನೀಡಬೇಕು ಎಂದರು.

ಶಾಲೆ ಮತ್ತು ಕಾಲೇಜುಗಳಲ್ಲಿ ವಿದ್ಯಾರ್ಥಿಗಳಿಗೆ ಡೆಂಗ್ಯೂ ಕುರಿತು ಜಾಗೃತಿ ಮೂಡಿಸಲಾಗುವುದು. ಗ್ರಾಮೀಣ ಭಾಗದಲ್ಲಿ ಪ್ರತಿ ಶುಕ್ರವಾರ ಲಾರ್ವಾ ಸಮೀಕ್ಷೆ ದಿನವನ್ನಾಗಿ ಆಚರಿಸಲಾಗುವುದು ಎಂದು ತಿಳಿಸಿದರು.

ಜಿಲ್ಲಾ ಆರ್‌ಸಿಹೆಚ್ ಅಧಿಕಾರಿ ಡಾ.ಜಂಬಯ್ಯ ಅವರು ಮಾತನಾಡಿ, ಪ್ರತಿಯೊಬ್ಬರೂ ಮನೆಗಳ ಸುತ್ತಮುತ್ತಲಿನ ವಾತಾವರಣವನ್ನು ಸ್ವಚ್ಛವಾಗಿಟ್ಟುಕೊಳ್ಳಬೇಕು. ಸೊಳ್ಳೆ ಪರದೆ ಬಳಸಬೇಕು. ಪೂರ್ಣ ತೋಳಿನ ಬಟ್ಟೆ ಧರಿಸಬೇಕು ಎಂದರು.

ಕಾರ್ಯಕ್ರಮದಲ್ಲಿ ನಗರಸಭೆ ಆರೋಗ್ಯ ನಿರೀಕ್ಷಕರು, ಜಿಲ್ಲಾ ಕೀಟಶಾಸ್ತ್ರಜ್ಞರು, ಆರೋಗ್ಯ ಇಲಾಖೆಯ ಸಿಬ್ಬಂದಿ, ಆಶಾ ಕಾರ್ಯಕರ್ತೆಯರು, ನರ್ಸಿಂಗ್ ವಿದ್ಯಾರ್ಥಿಗಳು ಹಾಗೂ ಸಾರ್ವಜನಿಕರು ಪಾಲ್ಗೊಂಡಿದ್ದರು.
